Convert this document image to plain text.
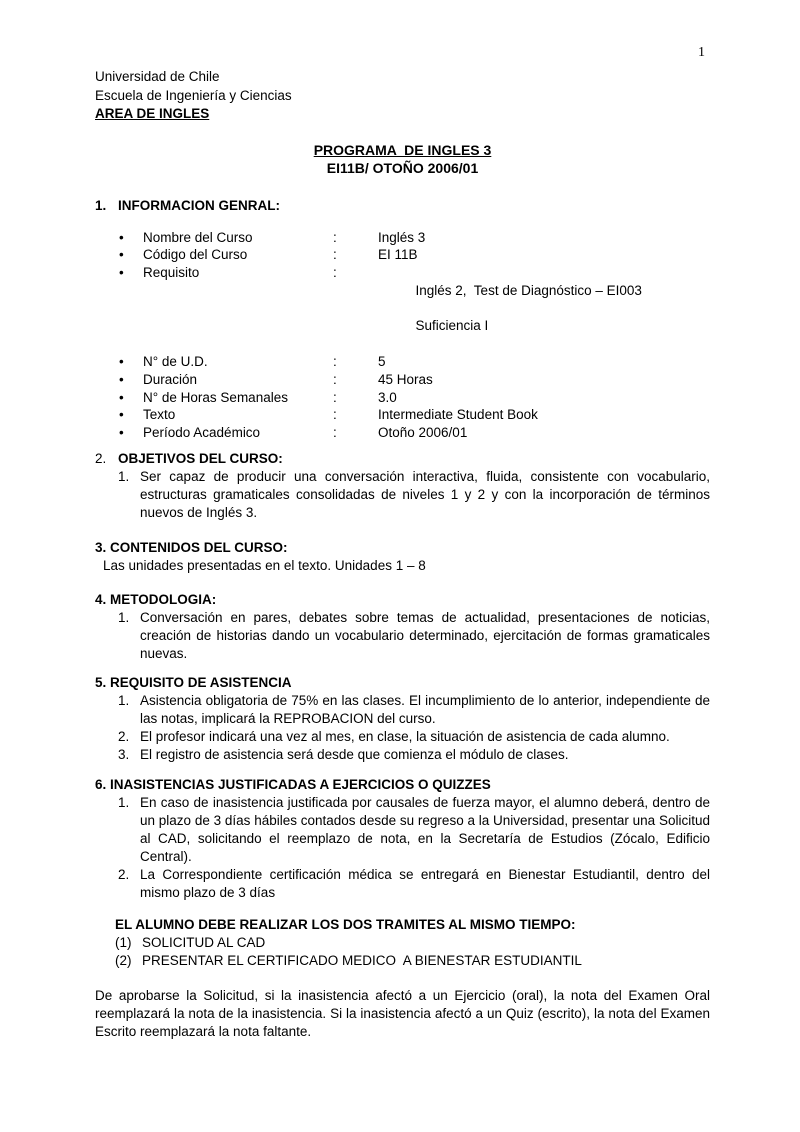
1
Universidad de Chile
Escuela de Ingeniería y Ciencias
AREA DE INGLES
PROGRAMA  DE INGLES 3
EI11B/ OTOÑO 2006/01
1. INFORMACION GENRAL:
•	Nombre del Curso	:	Inglés 3
•	Código del Curso	:	EI 11B
•	Requisito	:

Inglés 2,  Test de Diagnóstico – EI003

Suficiencia I

•	N° de U.D.	:	5
•	Duración	:	45 Horas
•	N° de Horas Semanales	:	3.0
•	Texto	:	Intermediate Student Book
•	Período Académico	:	Otoño 2006/01
2. OBJETIVOS DEL CURSO:
1. Ser capaz de producir una conversación interactiva, fluida, consistente con vocabulario, estructuras gramaticales consolidadas de niveles 1 y 2 y con la incorporación de términos nuevos de Inglés 3.
3. CONTENIDOS DEL CURSO:
Las unidades presentadas en el texto. Unidades 1 – 8
4. METODOLOGIA:
1. Conversación en pares, debates sobre temas de actualidad, presentaciones de noticias, creación de historias dando un vocabulario determinado, ejercitación de formas gramaticales nuevas.
5. REQUISITO DE ASISTENCIA
1. Asistencia obligatoria de 75% en las clases. El incumplimiento de lo anterior, independiente de las notas, implicará la REPROBACION del curso.
2. El profesor indicará una vez al mes, en clase, la situación de asistencia de cada alumno.
3. El registro de asistencia será desde que comienza el módulo de clases.
6. INASISTENCIAS JUSTIFICADAS A EJERCICIOS O QUIZZES
1. En caso de inasistencia justificada por causales de fuerza mayor, el alumno deberá, dentro de un plazo de 3 días hábiles contados desde su regreso a la Universidad, presentar una Solicitud al CAD, solicitando el reemplazo de nota, en la Secretaría de Estudios (Zócalo, Edificio Central).
2. La Correspondiente certificación médica se entregará en Bienestar Estudiantil, dentro del mismo plazo de 3 días
EL ALUMNO DEBE REALIZAR LOS DOS TRAMITES AL MISMO TIEMPO:
(1) SOLICITUD AL CAD
(2) PRESENTAR EL CERTIFICADO MEDICO  A BIENESTAR ESTUDIANTIL
De aprobarse la Solicitud, si la inasistencia afectó a un Ejercicio (oral), la nota del Examen Oral reemplazará la nota de la inasistencia. Si la inasistencia afectó a un Quiz (escrito), la nota del Examen Escrito reemplazará la nota faltante.
